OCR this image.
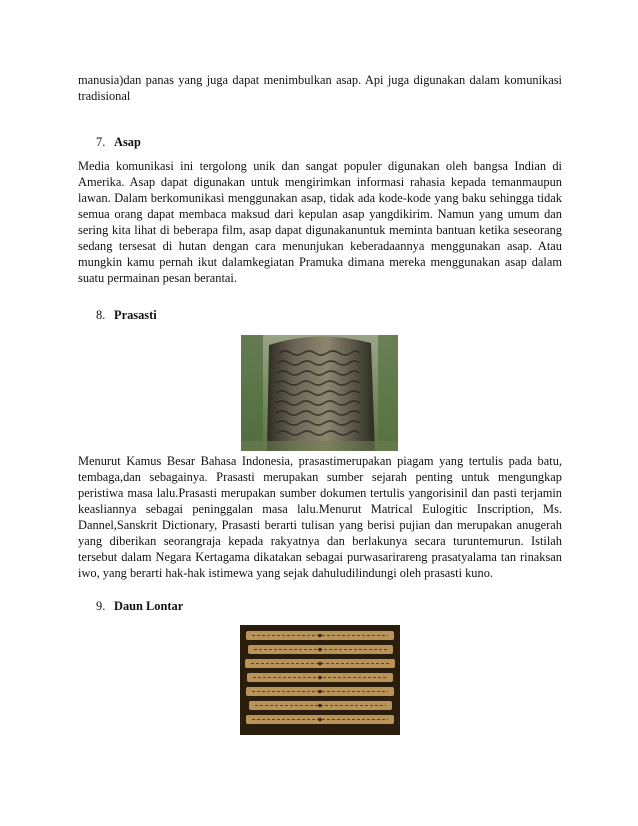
manusia)dan panas yang juga dapat menimbulkan asap. Api juga digunakan dalam komunikasi tradisional

7. Asap

Media komunikasi ini tergolong unik dan sangat populer digunakan oleh bangsa Indian di Amerika. Asap dapat digunakan untuk mengirimkan informasi rahasia kepada temanmaupun lawan. Dalam berkomunikasi menggunakan asap, tidak ada kode-kode yang baku sehingga tidak semua orang dapat membaca maksud dari kepulan asap yangdikirim. Namun yang umum dan sering kita lihat di beberapa film, asap dapat digunakanuntuk meminta bantuan ketika seseorang sedang tersesat di hutan dengan cara menunjukan keberadaannya menggunakan asap. Atau mungkin kamu pernah ikut dalamkegiatan Pramuka dimana mereka menggunakan asap dalam suatu permainan pesan berantai.

8. Prasasti

Menurut Kamus Besar Bahasa Indonesia, prasastimerupakan piagam yang tertulis pada batu, tembaga,dan sebagainya. Prasasti merupakan sumber sejarah penting untuk mengungkap peristiwa masa lalu.Prasasti merupakan sumber dokumen tertulis yangorisinil dan pasti terjamin keasliannya sebagai peninggalan masa lalu.Menurut Matrical Eulogitic Inscription, Ms. Dannel,Sanskrit Dictionary, Prasasti berarti tulisan yang berisi pujian dan merupakan anugerah yang diberikan seorangraja kepada rakyatnya dan berlakunya secara turuntemurun. Istilah tersebut dalam Negara Kertagama dikatakan sebagai purwasarirareng prasatyalama tan rinaksan iwo, yang berarti hak-hak istimewa yang sejak dahuludilindungi oleh prasasti kuno.

9. Daun Lontar
